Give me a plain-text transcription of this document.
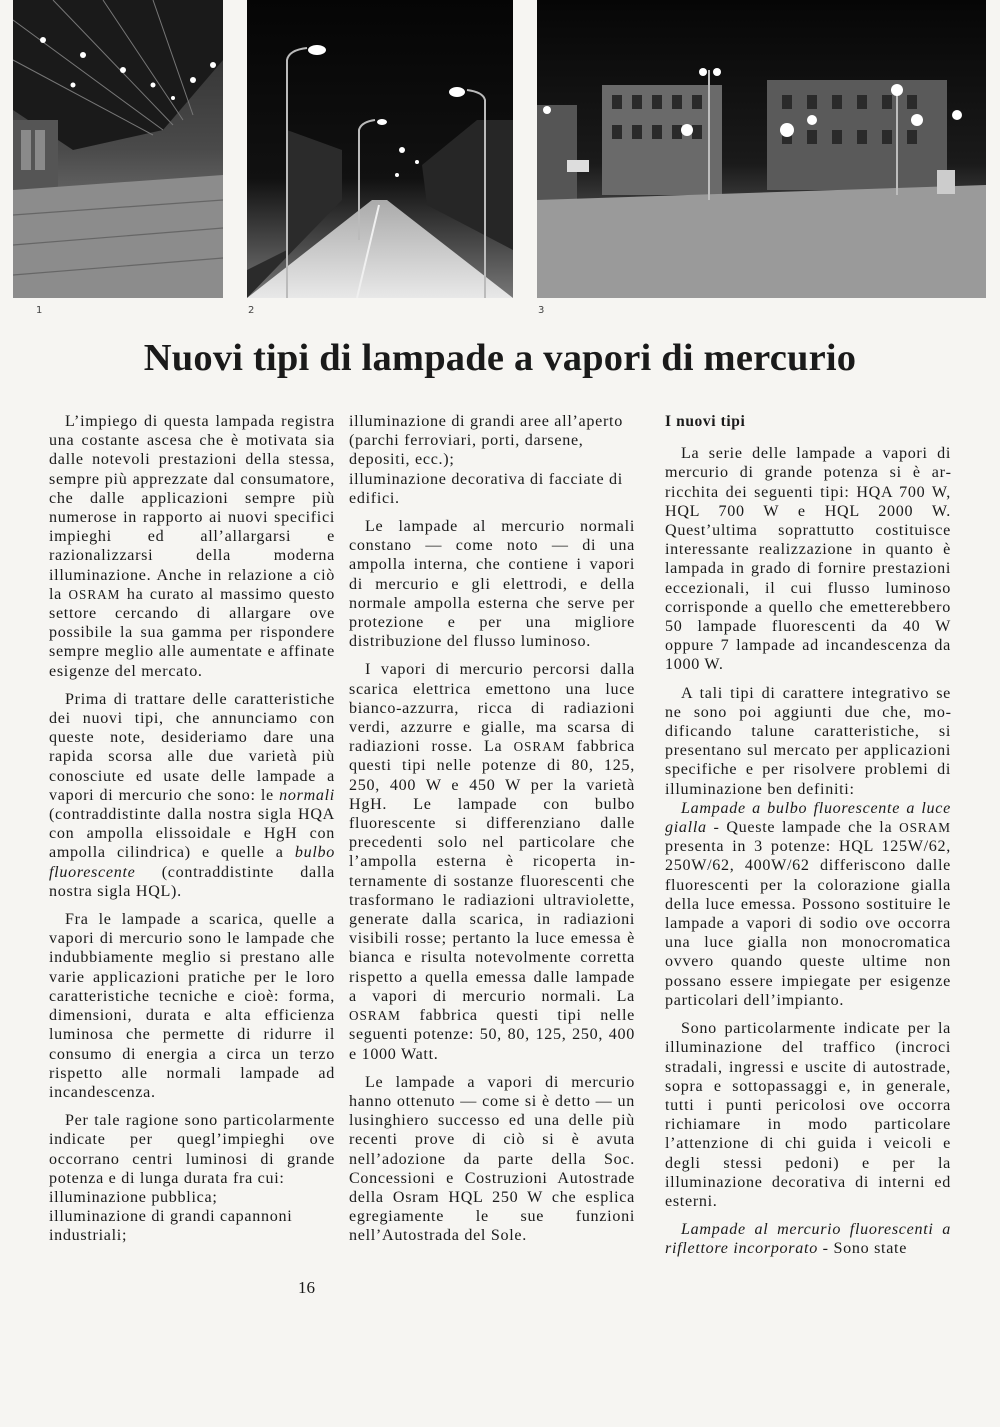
1	2	3
Nuovi tipi di lampade a vapori di mercurio

L’impiego di questa lampada registra una costante ascesa che è motivata sia dalle notevoli prestazioni della stessa, sempre più apprezzate dal consumatore, che dalle applicazioni sempre più numerose in rapporto ai nuovi specifici impieghi ed all’allargarsi e razionalizzarsi della moderna illuminazione. Anche in relazione a ciò la OSRAM ha curato al massimo questo settore cercando di allargare ove possibile la sua gamma per rispondere sempre meglio alle aumentate e affinate esigenze del mercato.

Prima di trattare delle caratteristiche dei nuovi tipi, che annunciamo con queste note, desideriamo dare una rapida scorsa alle due varietà più conosciute ed usate delle lampade a vapori di mercurio che sono: le normali (contraddistinte dalla nostra sigla HQA con ampolla elissoidale e HgH con ampolla cilindrica) e quelle a bulbo fluorescente (contraddistinte dalla nostra sigla HQL).

Fra le lampade a scarica, quelle a vapori di mercurio sono le lampade che indubbiamente meglio si prestano alle varie applicazioni pratiche per le loro caratteristiche tecniche e cioè: forma, dimensioni, durata e alta efficienza luminosa che permette di ridurre il consumo di energia a circa un terzo rispetto alle normali lampade ad incandescenza.

Per tale ragione sono particolarmente indicate per quegl’impieghi ove occorrano centri luminosi di grande potenza e di lunga durata fra cui:

illuminazione pubblica;

illuminazione di grandi capannoni industriali;

illuminazione di grandi aree all’aperto (parchi ferroviari, porti, darsene, depositi, ecc.);

illuminazione decorativa di facciate di edifici.

Le lampade al mercurio normali constano — come noto — di una ampolla interna, che contiene i vapori di mercurio e gli elettrodi, e della normale ampolla esterna che serve per protezione e per una migliore distribuzione del flusso luminoso.

I vapori di mercurio percorsi dalla scarica elettrica emettono una luce bianco-azzurra, ricca di radiazioni verdi, azzurre e gialle, ma scarsa di radiazioni rosse. La OSRAM fabbrica questi tipi nelle potenze di 80, 125, 250, 400 W e 450 W per la varietà HgH. Le lampade con bulbo fluorescente si differenziano dalle precedenti solo nel particolare che l’ampolla esterna è ricoperta internamente di sostanze fluorescenti che trasformano le radiazioni ultraviolette, generate dalla scarica, in radiazioni visibili rosse; pertanto la luce emessa è bianca e risulta notevolmente corretta rispetto a quella emessa dalle lampade a vapori di mercurio normali. La OSRAM fabbrica questi tipi nelle seguenti potenze: 50, 80, 125, 250, 400 e 1000 Watt.

Le lampade a vapori di mercurio hanno ottenuto — come si è detto — un lusinghiero successo ed una delle più recenti prove di ciò si è avuta nell’adozione da parte della Soc. Concessioni e Costruzioni Autostrade della Osram HQL 250 W che esplica egregiamente le sue funzioni nell’Autostrada del Sole.

I nuovi tipi

La serie delle lampade a vapori di mercurio di grande potenza si è arricchita dei seguenti tipi: HQA 700 W, HQL 700 W e HQL 2000 W. Quest’ultima soprattutto costituisce interessante realizzazione in quanto è lampada in grado di fornire prestazioni eccezionali, il cui flusso luminoso corrisponde a quello che emetterebbero 50 lampade fluorescenti da 40 W oppure 7 lampade ad incandescenza da 1000 W.

A tali tipi di carattere integrativo se ne sono poi aggiunti due che, modificando talune caratteristiche, si presentano sul mercato per applicazioni specifiche e per risolvere problemi di illuminazione ben definiti:

Lampade a bulbo fluorescente a luce gialla - Queste lampade che la OSRAM presenta in 3 potenze: HQL 125W/62, 250W/62, 400W/62 differiscono dalle fluorescenti per la colorazione gialla della luce emessa. Possono sostituire le lampade a vapori di sodio ove occorra una luce gialla non monocromatica ovvero quando queste ultime non possano essere impiegate per esigenze particolari dell’impianto.

Sono particolarmente indicate per la illuminazione del traffico (incroci stradali, ingressi e uscite di autostrade, sopra e sottopassaggi e, in generale, tutti i punti pericolosi ove occorra richiamare in modo particolare l’attenzione di chi guida i veicoli e degli stessi pedoni) e per la illuminazione decorativa di interni ed esterni.

Lampade al mercurio fluorescenti a riflettore incorporato - Sono state

16
